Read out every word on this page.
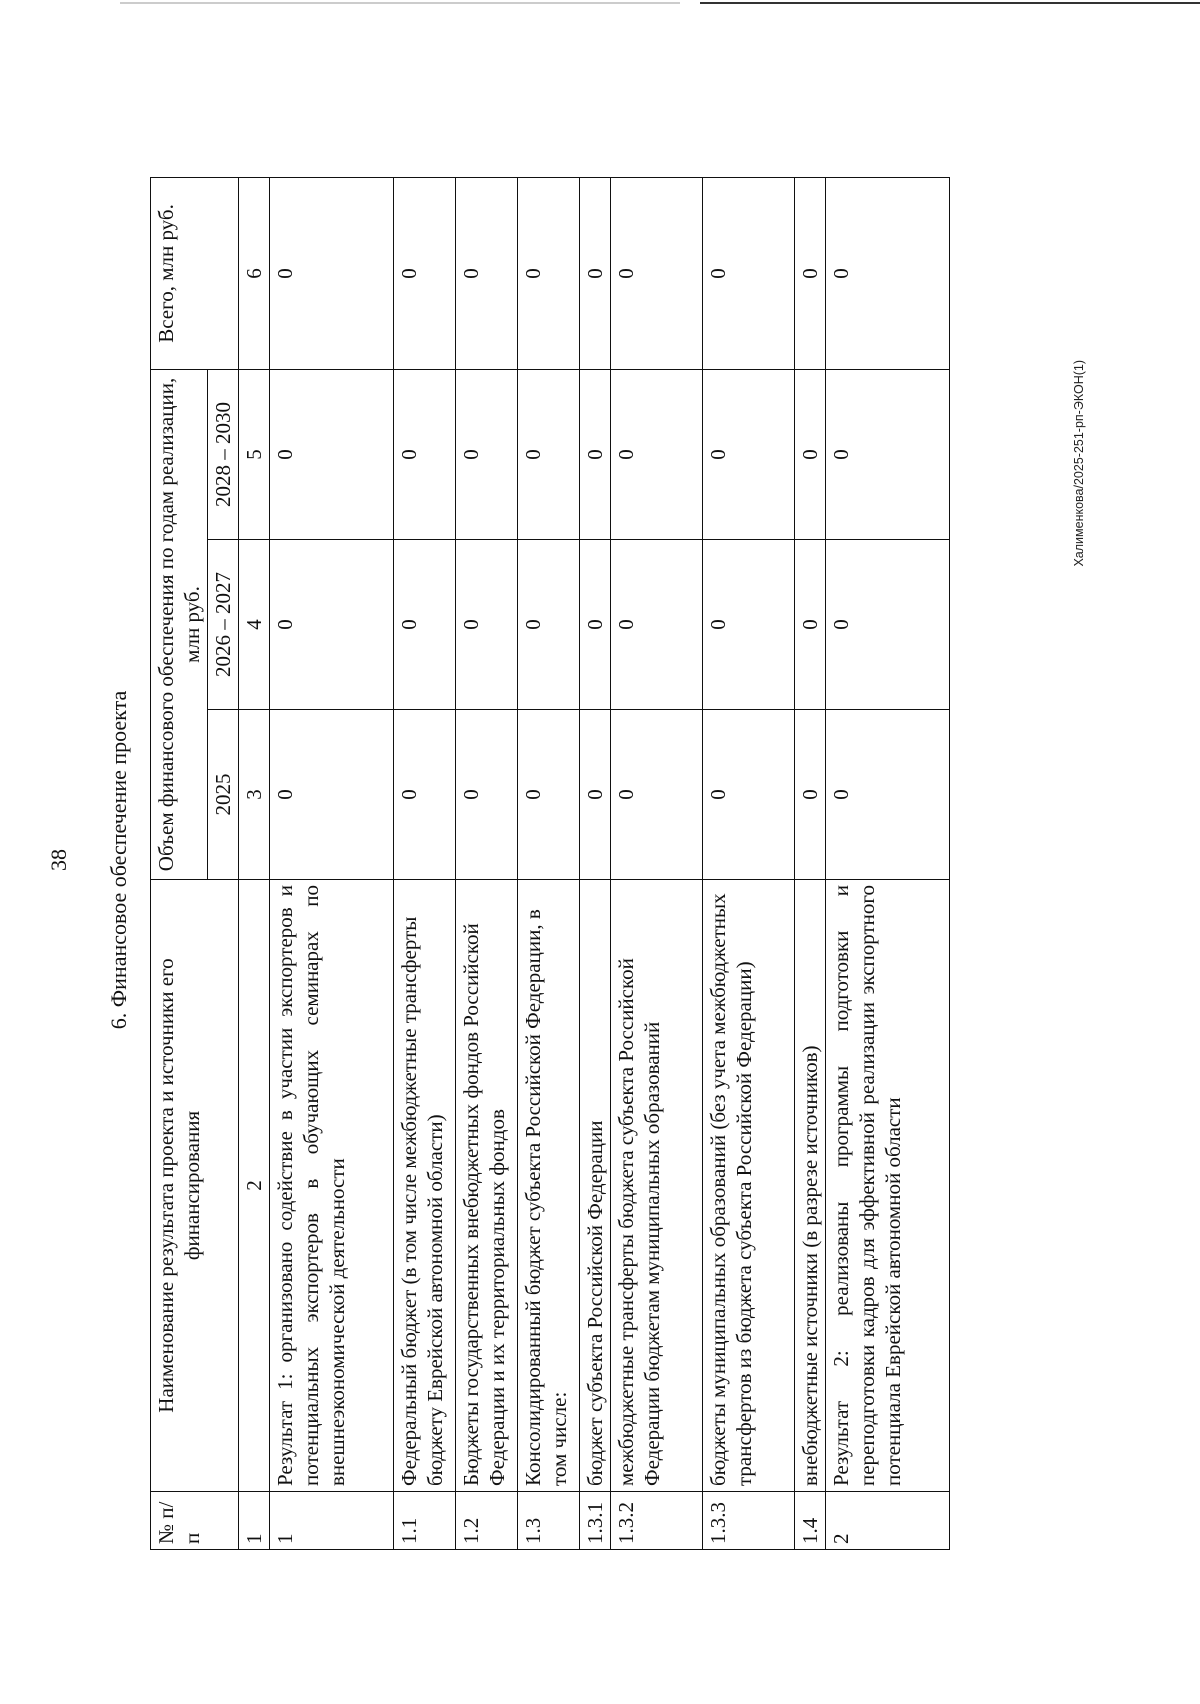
38 6. Финансовое обеспечение проекта
№ п/п	Наименование результата проекта и источники его финансирования	Объем финансового обеспечения по годам реализации, млн руб.			Всего, млн руб.
		2025	2026 – 2027	2028 – 2030	
1	2	3	4	5	6
1	Результат 1: организовано содействие в участии экспортеров и потенциальных экспортеров в обучающих семинарах по внешнеэкономической деятельности	0	0	0	0
1.1	Федеральный бюджет (в том числе межбюджетные трансферты бюджету Еврейской автономной области)	0	0	0	0
1.2	Бюджеты государственных внебюджетных фондов Российской Федерации и их территориальных фондов	0	0	0	0
1.3	Консолидированный бюджет субъекта Российской Федерации, в том числе:	0	0	0	0
1.3.1	бюджет субъекта Российской Федерации	0	0	0	0
1.3.2	межбюджетные трансферты бюджета субъекта Российской Федерации бюджетам муниципальных образований	0	0	0	0
1.3.3	бюджеты муниципальных образований (без учета межбюджетных трансфертов из бюджета субъекта Российской Федерации)	0	0	0	0
1.4	внебюджетные источники (в разрезе источников)	0	0	0	0
2	Результат 2: реализованы программы подготовки и переподготовки кадров для эффективной реализации экспортного потенциала Еврейской автономной области	0	0	0	0
Халименкова/2025-251-рп-ЭКОН(1)
